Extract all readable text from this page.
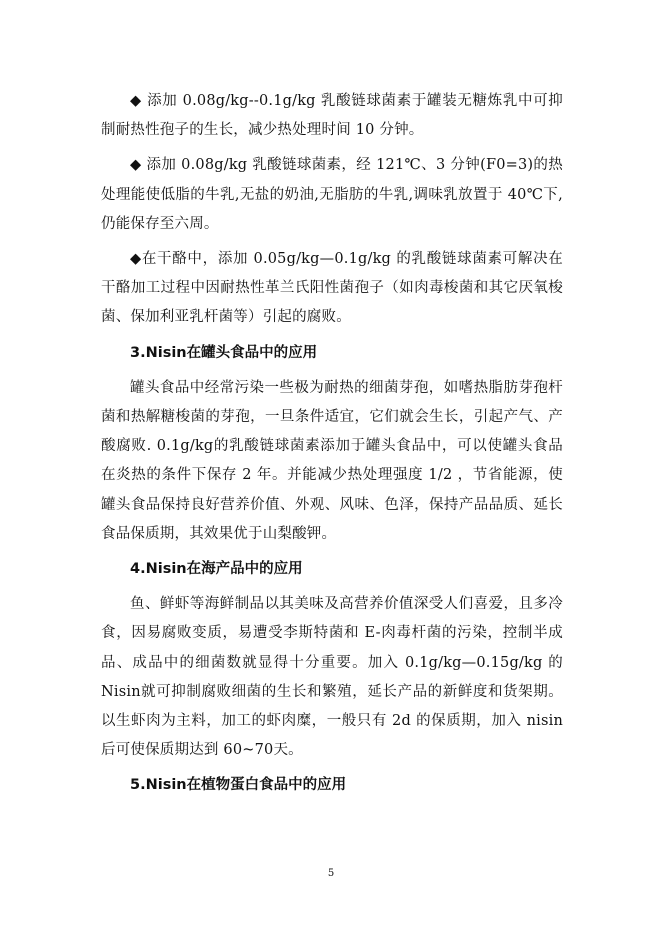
◆ 添加 0.08g/kg--0.1g/kg 乳酸链球菌素于罐装无糖炼乳中可抑制耐热性孢子的生长，减少热处理时间 10 分钟。

◆ 添加 0.08g/kg 乳酸链球菌素，经 121℃、3 分钟(F0=3)的热处理能使低脂的牛乳,无盐的奶油,无脂肪的牛乳,调味乳放置于 40℃下,仍能保存至六周。

◆在干酪中，添加 0.05g/kg—0.1g/kg 的乳酸链球菌素可解决在干酪加工过程中因耐热性革兰氏阳性菌孢子（如肉毒梭菌和其它厌氧梭菌、保加利亚乳杆菌等）引起的腐败。

3.Nisin在罐头食品中的应用

罐头食品中经常污染一些极为耐热的细菌芽孢，如嗜热脂肪芽孢杆菌和热解糖梭菌的芽孢，一旦条件适宜，它们就会生长，引起产气、产酸腐败. 0.1g/kg的乳酸链球菌素添加于罐头食品中，可以使罐头食品在炎热的条件下保存 2 年。并能减少热处理强度 1/2 ，节省能源，使罐头食品保持良好营养价值、外观、风味、色泽，保持产品品质、延长食品保质期，其效果优于山梨酸钾。

4.Nisin在海产品中的应用

鱼、鲜虾等海鲜制品以其美味及高营养价值深受人们喜爱，且多冷食，因易腐败变质，易遭受李斯特菌和 E-肉毒杆菌的污染，控制半成品、成品中的细菌数就显得十分重要。加入 0.1g/kg—0.15g/kg 的 Nisin就可抑制腐败细菌的生长和繁殖，延长产品的新鲜度和货架期。以生虾肉为主料，加工的虾肉糜，一般只有 2d 的保质期，加入 nisin后可使保质期达到 60~70天。

5.Nisin在植物蛋白食品中的应用
5
